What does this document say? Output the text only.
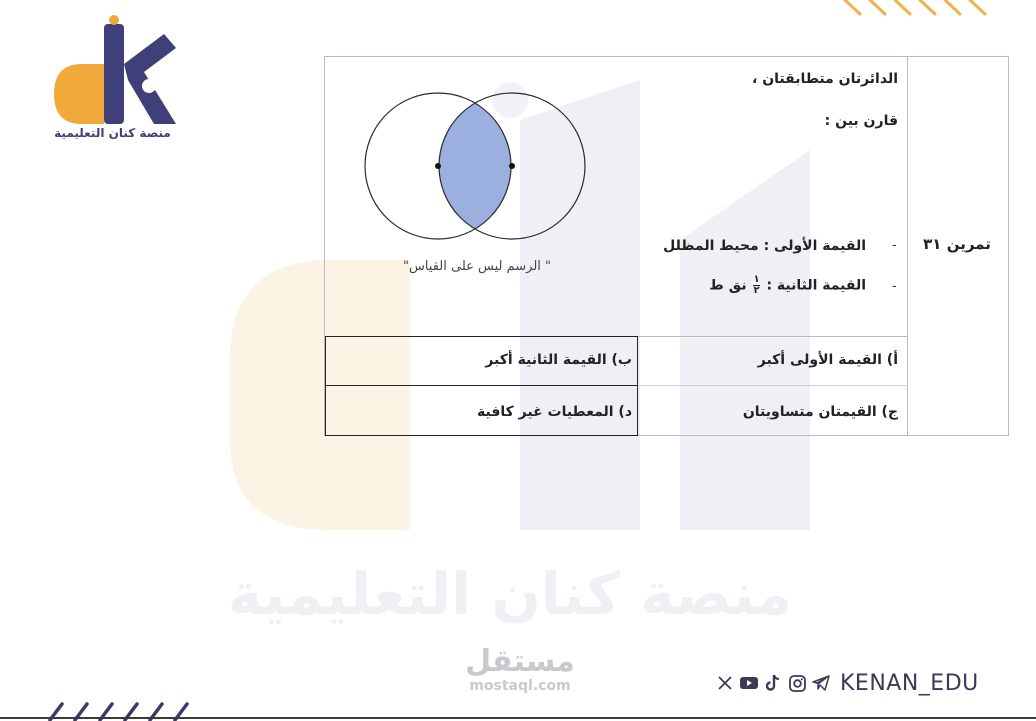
منصة كنان التعليمية
منصة كنان التعليمية
تمرين ٣١
الدائرتان متطابقتان ،
قارن بين :
-
القيمة الأولى : محيط المظلل
-
القيمة الثانية : $\frac{١}{٢}$ نق ط
" الرسم ليس على القياس"
أ) القيمة الأولى أكبر
ب) القيمة الثانية أكبر
ج) القيمتان متساويتان
د) المعطيات غير كافية
مستقل
mostaql.com	KENAN_EDU
